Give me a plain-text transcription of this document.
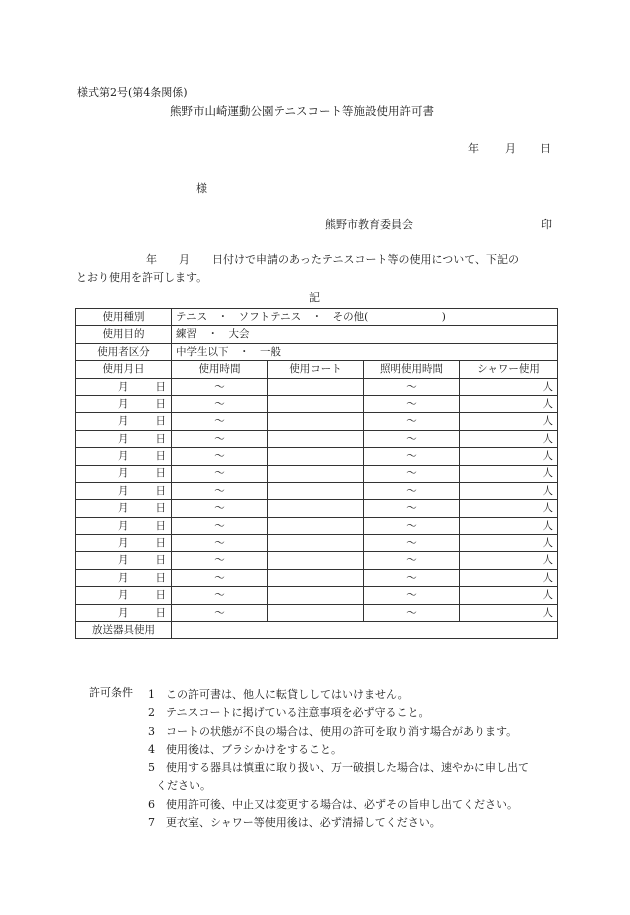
様式第2号(第4条関係)
熊野市山崎運動公園テニスコート等施設使用許可書
年 月 日
様
熊野市教育委員会	印
年　　月　　日付けで申請のあったテニスコート等の使用について、下記の
とおり使用を許可します。
記
使用種別	テニス　・　ソフトテニス　・　その他(　　　　　　　)			
使用目的	練習　・　大会			
使用者区分	中学生以下　・　一般			
使用月日	使用時間	使用コート	照明使用時間	シャワー使用
月 日	～		～	人
月 日	～		～	人
月 日	～		～	人
月 日	～		～	人
月 日	～		～	人
月 日	～		～	人
月 日	～		～	人
月 日	～		～	人
月 日	～		～	人
月 日	～		～	人
月 日	～		～	人
月 日	～		～	人
月 日	～		～	人
月 日	～		～	人
放送器具使用				
許可条件 1 この許可書は、他人に転貸ししてはいけません。
2 テニスコートに掲げている注意事項を必ず守ること。
3 コートの状態が不良の場合は、使用の許可を取り消す場合があります。
4 使用後は、ブラシかけをすること。
5 使用する器具は慎重に取り扱い、万一破損した場合は、速やかに申し出て
ください。
6 使用許可後、中止又は変更する場合は、必ずその旨申し出てください。
7 更衣室、シャワー等使用後は、必ず清掃してください。
